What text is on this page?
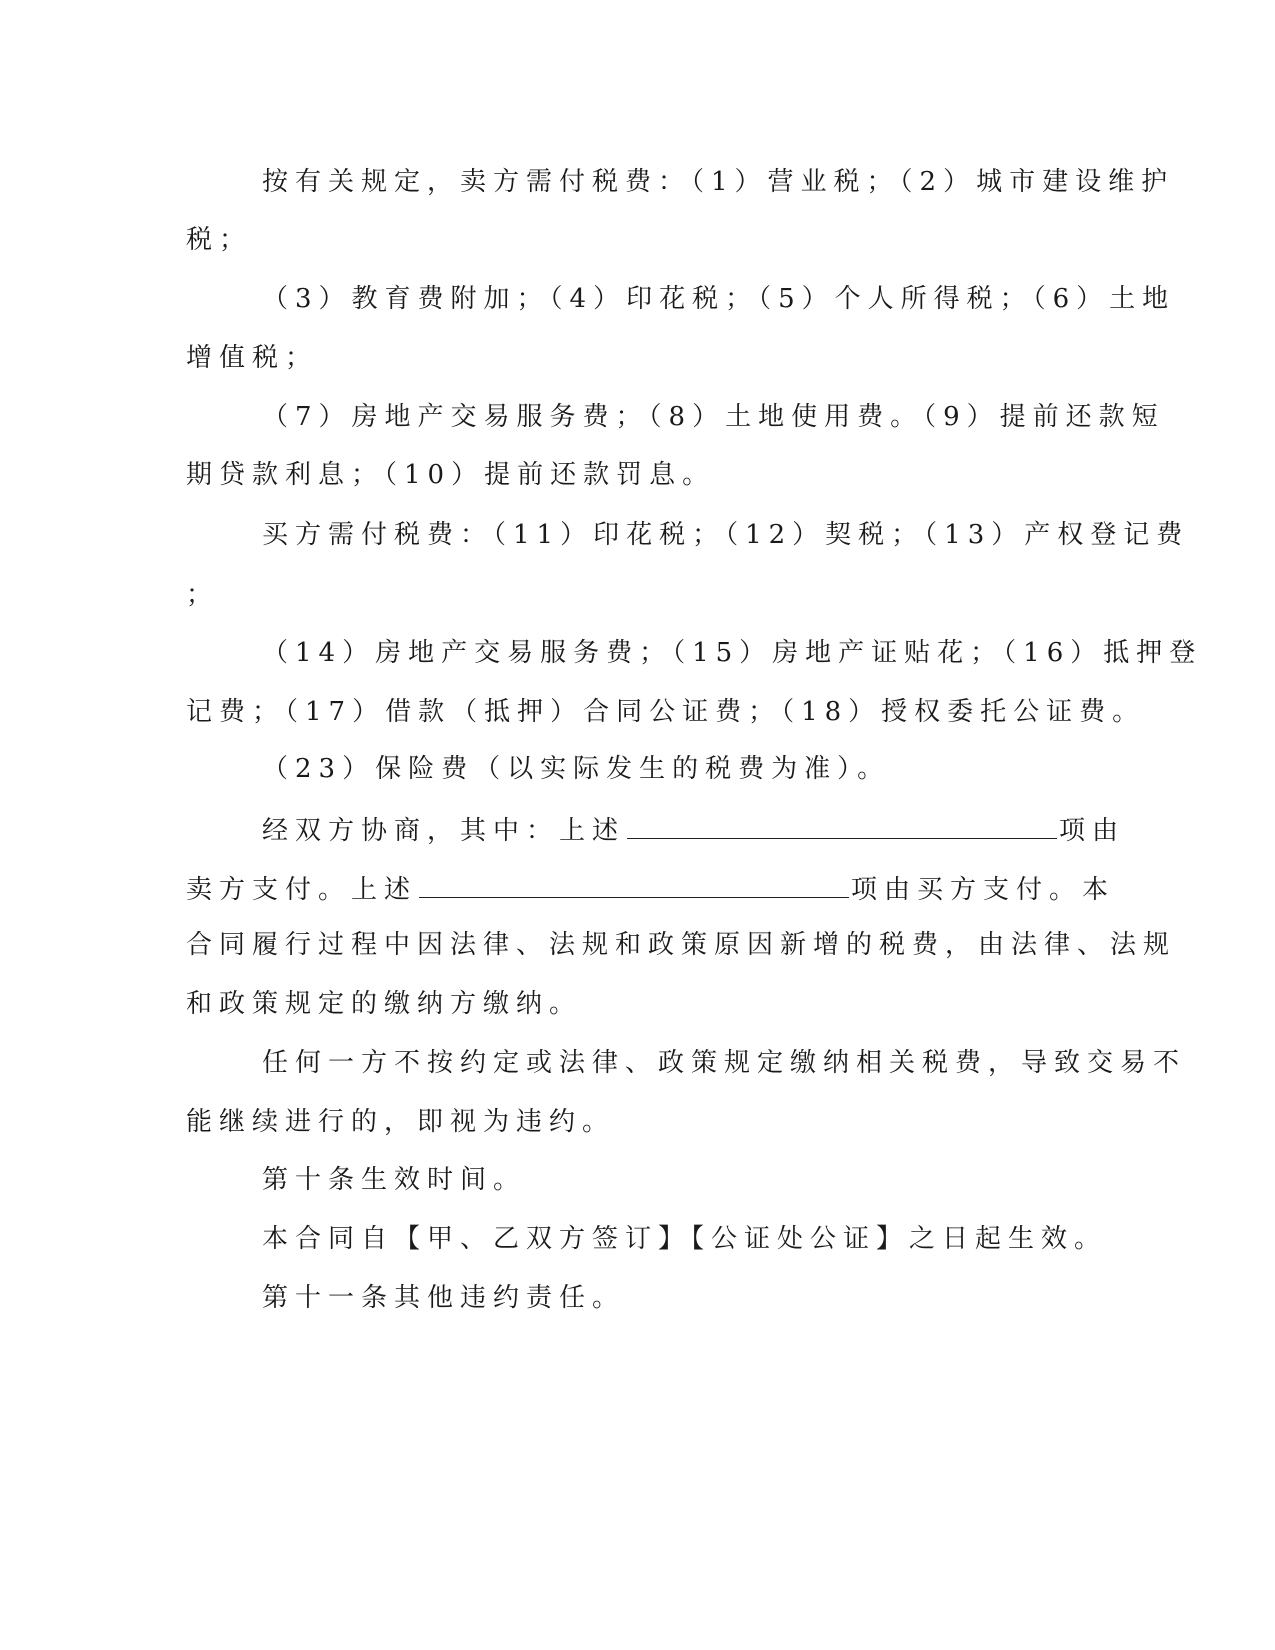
按有关规定，卖方需付税费：（1）营业税；（2）城市建设维护
税；
（3）教育费附加；（4）印花税；（5）个人所得税；（6）土地
增值税；
（7）房地产交易服务费；（8）土地使用费。（9）提前还款短
期贷款利息；（10）提前还款罚息。
买方需付税费：（11）印花税；（12）契税；（13）产权登记费
；
（14）房地产交易服务费；（15）房地产证贴花；（16）抵押登
记费；（17）借款（抵押）合同公证费；（18）授权委托公证费。
（23）保险费（以实际发生的税费为准）。
经双方协商，其中：上述	项由
卖方支付。上述	项由买方支付。本
合同履行过程中因法律、法规和政策原因新增的税费，由法律、法规
和政策规定的缴纳方缴纳。
任何一方不按约定或法律、政策规定缴纳相关税费，导致交易不
能继续进行的，即视为违约。
第十条生效时间。
本合同自【甲、乙双方签订】【公证处公证】之日起生效。
第十一条其他违约责任。
